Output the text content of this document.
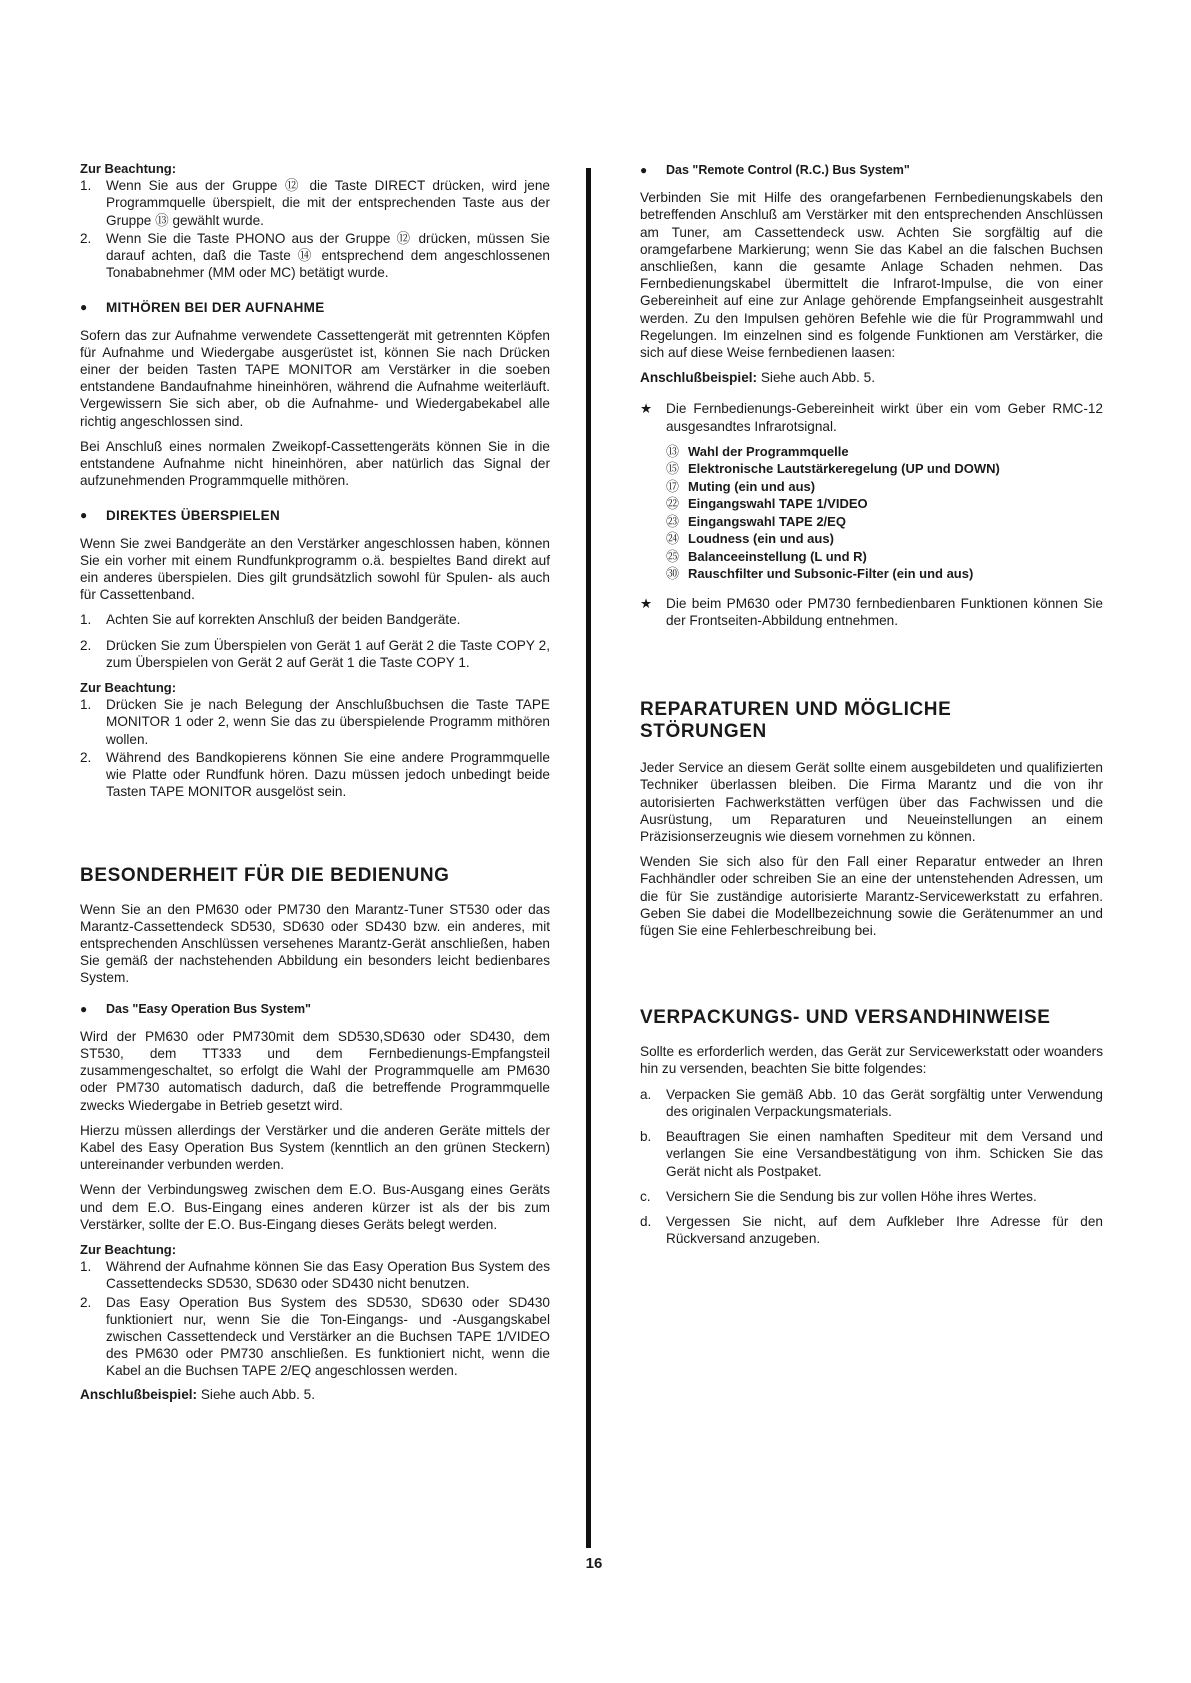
Zur Beachtung:

1.	Wenn Sie aus der Gruppe ⑫ die Taste DIRECT drücken, wird jene Programmquelle überspielt, die mit der entsprechenden Taste aus der Gruppe ⑬ gewählt wurde.
2.	Wenn Sie die Taste PHONO aus der Gruppe ⑫ drücken, müssen Sie darauf achten, daß die Taste ⑭ entsprechend dem angeschlossenen Tonababnehmer (MM oder MC) betätigt wurde.
●	MITHÖREN BEI DER AUFNAHME

Sofern das zur Aufnahme verwendete Cassettengerät mit getrennten Köpfen für Aufnahme und Wiedergabe ausgerüstet ist, können Sie nach Drücken einer der beiden Tasten TAPE MONITOR am Verstärker in die soeben entstandene Bandaufnahme hineinhören, während die Aufnahme weiterläuft. Vergewissern Sie sich aber, ob die Aufnahme- und Wiedergabekabel alle richtig angeschlossen sind.

Bei Anschluß eines normalen Zweikopf-Cassettengeräts können Sie in die entstandene Aufnahme nicht hineinhören, aber natürlich das Signal der aufzunehmenden Programmquelle mithören.

●	DIREKTES ÜBERSPIELEN

Wenn Sie zwei Bandgeräte an den Verstärker angeschlossen haben, können Sie ein vorher mit einem Rundfunkprogramm o.ä. bespieltes Band direkt auf ein anderes überspielen. Dies gilt grundsätzlich sowohl für Spulen- als auch für Cassettenband.

1.	Achten Sie auf korrekten Anschluß der beiden Bandgeräte.
2.	Drücken Sie zum Überspielen von Gerät 1 auf Gerät 2 die Taste COPY 2, zum Überspielen von Gerät 2 auf Gerät 1 die Taste COPY 1.

Zur Beachtung:

1.	Drücken Sie je nach Belegung der Anschlußbuchsen die Taste TAPE MONITOR 1 oder 2, wenn Sie das zu überspielende Programm mithören wollen.
2.	Während des Bandkopierens können Sie eine andere Programmquelle wie Platte oder Rundfunk hören. Dazu müssen jedoch unbedingt beide Tasten TAPE MONITOR ausgelöst sein.
BESONDERHEIT FÜR DIE BEDIENUNG

Wenn Sie an den PM630 oder PM730 den Marantz-Tuner ST530 oder das Marantz-Cassettendeck SD530, SD630 oder SD430 bzw. ein anderes, mit entsprechenden Anschlüssen versehenes Marantz-Gerät anschließen, haben Sie gemäß der nachstehenden Abbildung ein besonders leicht bedienbares System.

●	Das "Easy Operation Bus System"

Wird der PM630 oder PM730mit dem SD530,SD630 oder SD430, dem ST530, dem TT333 und dem Fernbedienungs-Empfangsteil zusammengeschaltet, so erfolgt die Wahl der Programmquelle am PM630 oder PM730 automatisch dadurch, daß die betreffende Programmquelle zwecks Wiedergabe in Betrieb gesetzt wird.

Hierzu müssen allerdings der Verstärker und die anderen Geräte mittels der Kabel des Easy Operation Bus System (kenntlich an den grünen Steckern) untereinander verbunden werden.

Wenn der Verbindungsweg zwischen dem E.O. Bus-Ausgang eines Geräts und dem E.O. Bus-Eingang eines anderen kürzer ist als der bis zum Verstärker, sollte der E.O. Bus-Eingang dieses Geräts belegt werden.

Zur Beachtung:

1.	Während der Aufnahme können Sie das Easy Operation Bus System des Cassettendecks SD530, SD630 oder SD430 nicht benutzen.
2.	Das Easy Operation Bus System des SD530, SD630 oder SD430 funktioniert nur, wenn Sie die Ton-Eingangs- und -Ausgangskabel zwischen Cassettendeck und Verstärker an die Buchsen TAPE 1/VIDEO des PM630 oder PM730 anschließen. Es funktioniert nicht, wenn die Kabel an die Buchsen TAPE 2/EQ angeschlossen werden.

Anschlußbeispiel: Siehe auch Abb. 5.

●	Das "Remote Control (R.C.) Bus System"

Verbinden Sie mit Hilfe des orangefarbenen Fernbedienungskabels den betreffenden Anschluß am Verstärker mit den entsprechenden Anschlüssen am Tuner, am Cassettendeck usw. Achten Sie sorgfältig auf die oramgefarbene Markierung; wenn Sie das Kabel an die falschen Buchsen anschließen, kann die gesamte Anlage Schaden nehmen. Das Fernbedienungskabel übermittelt die Infrarot-Impulse, die von einer Gebereinheit auf eine zur Anlage gehörende Empfangseinheit ausgestrahlt werden. Zu den Impulsen gehören Befehle wie die für Programmwahl und Regelungen. Im einzelnen sind es folgende Funktionen am Verstärker, die sich auf diese Weise fernbedienen laasen:

Anschlußbeispiel: Siehe auch Abb. 5.

★	Die Fernbedienungs-Gebereinheit wirkt über ein vom Geber RMC-12 ausgesandtes Infrarotsignal.
⑬ Wahl der Programmquelle
⑮ Elektronische Lautstärkeregelung (UP und DOWN)
⑰ Muting (ein und aus)
㉒ Eingangswahl TAPE 1/VIDEO
㉓ Eingangswahl TAPE 2/EQ
㉔ Loudness (ein und aus)
㉕ Balanceeinstellung (L und R)
㉚ Rauschfilter und Subsonic-Filter (ein und aus)
★	Die beim PM630 oder PM730 fernbedienbaren Funktionen können Sie der Frontseiten-Abbildung entnehmen.
REPARATUREN UND MÖGLICHE
STÖRUNGEN

Jeder Service an diesem Gerät sollte einem ausgebildeten und qualifizierten Techniker überlassen bleiben. Die Firma Marantz und die von ihr autorisierten Fachwerkstätten verfügen über das Fachwissen und die Ausrüstung, um Reparaturen und Neueinstellungen an einem Präzisionserzeugnis wie diesem vornehmen zu können.

Wenden Sie sich also für den Fall einer Reparatur entweder an Ihren Fachhändler oder schreiben Sie an eine der untenstehenden Adressen, um die für Sie zuständige autorisierte Marantz-Servicewerkstatt zu erfahren. Geben Sie dabei die Modellbezeichnung sowie die Gerätenummer an und fügen Sie eine Fehlerbeschreibung bei.

VERPACKUNGS- UND VERSANDHINWEISE

Sollte es erforderlich werden, das Gerät zur Servicewerkstatt oder woanders hin zu versenden, beachten Sie bitte folgendes:

a.	Verpacken Sie gemäß Abb. 10 das Gerät sorgfältig unter Verwendung des originalen Verpackungsmaterials.
b.	Beauftragen Sie einen namhaften Spediteur mit dem Versand und verlangen Sie eine Versandbestätigung von ihm. Schicken Sie das Gerät nicht als Postpaket.
c.	Versichern Sie die Sendung bis zur vollen Höhe ihres Wertes.
d.	Vergessen Sie nicht, auf dem Aufkleber Ihre Adresse für den Rückversand anzugeben.
16
